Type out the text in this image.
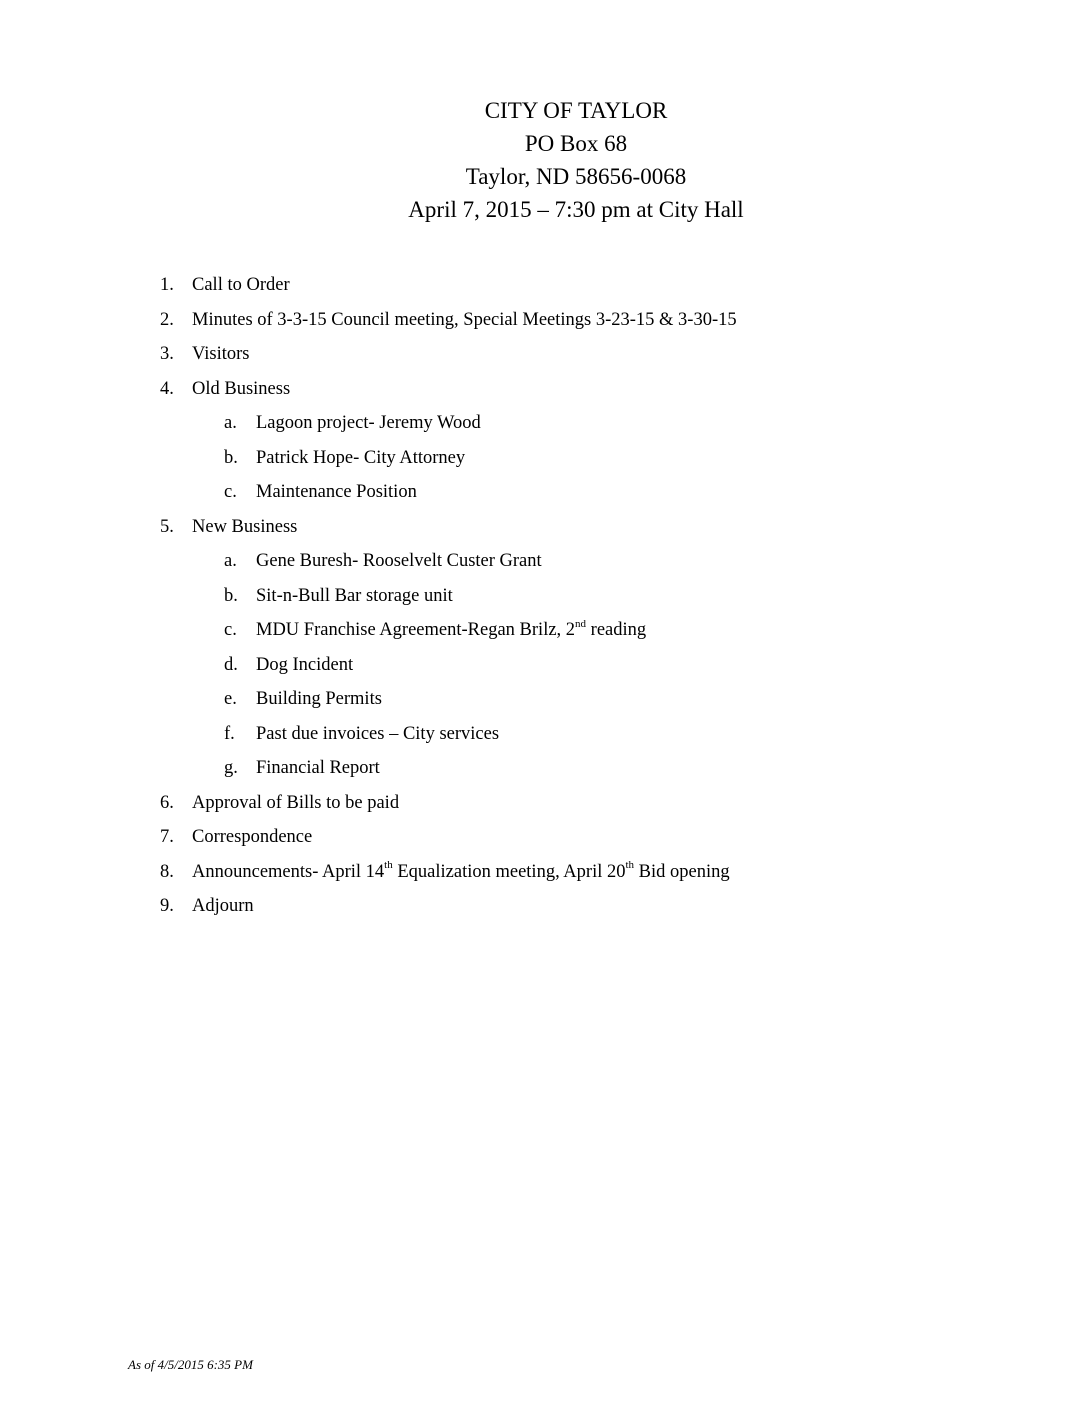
CITY OF TAYLOR
PO Box 68
Taylor, ND 58656-0068
April 7, 2015 – 7:30 pm at City Hall
1. Call to Order
2. Minutes of 3-3-15 Council meeting, Special Meetings 3-23-15 & 3-30-15
3. Visitors
4. Old Business
a. Lagoon project- Jeremy Wood
b. Patrick Hope- City Attorney
c. Maintenance Position
5. New Business
a. Gene Buresh- Rooselvelt Custer Grant
b. Sit-n-Bull Bar storage unit
c. MDU Franchise Agreement-Regan Brilz, 2nd reading
d. Dog Incident
e. Building Permits
f. Past due invoices – City services
g. Financial Report
6. Approval of Bills to be paid
7. Correspondence
8. Announcements- April 14th Equalization meeting, April 20th Bid opening
9. Adjourn
As of 4/5/2015 6:35 PM
